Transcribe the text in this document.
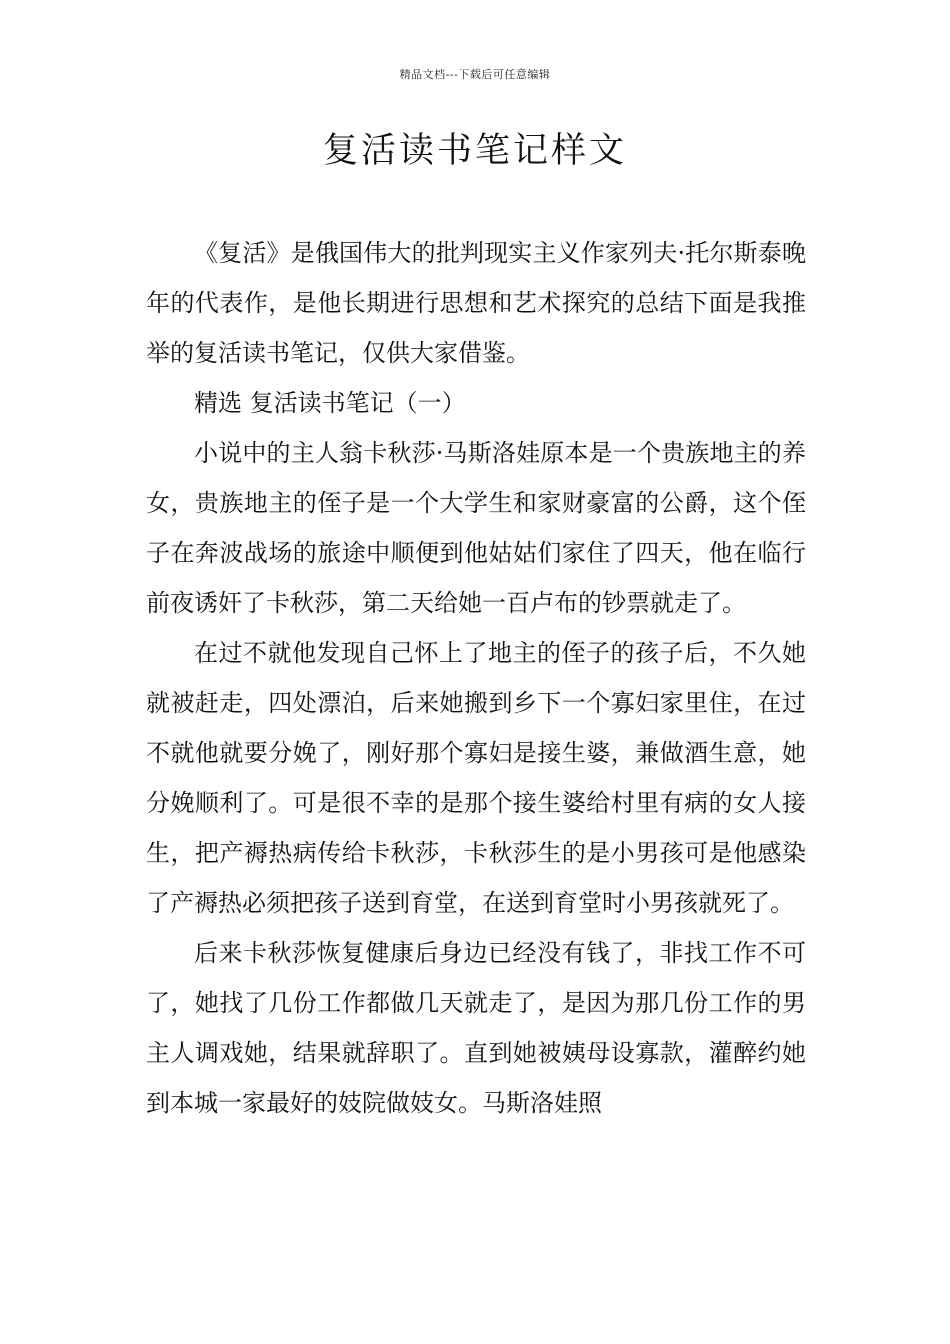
精品文档---下载后可任意编辑
复活读书笔记样文

《复活》是俄国伟大的批判现实主义作家列夫·托尔斯泰晚年的代表作，是他长期进行思想和艺术探究的总结下面是我推举的复活读书笔记，仅供大家借鉴。

精选 复活读书笔记（一）

小说中的主人翁卡秋莎·马斯洛娃原本是一个贵族地主的养女，贵族地主的侄子是一个大学生和家财豪富的公爵，这个侄子在奔波战场的旅途中顺便到他姑姑们家住了四天，他在临行前夜诱奸了卡秋莎，第二天给她一百卢布的钞票就走了。

在过不就他发现自己怀上了地主的侄子的孩子后，不久她就被赶走，四处漂泊，后来她搬到乡下一个寡妇家里住，在过不就他就要分娩了，刚好那个寡妇是接生婆，兼做酒生意，她分娩顺利了。可是很不幸的是那个接生婆给村里有病的女人接生，把产褥热病传给卡秋莎，卡秋莎生的是小男孩可是他感染了产褥热必须把孩子送到育堂，在送到育堂时小男孩就死了。

后来卡秋莎恢复健康后身边已经没有钱了，非找工作不可了，她找了几份工作都做几天就走了，是因为那几份工作的男主人调戏她，结果就辞职了。直到她被姨母设寡款，灌醉约她到本城一家最好的妓院做妓女。马斯洛娃照
